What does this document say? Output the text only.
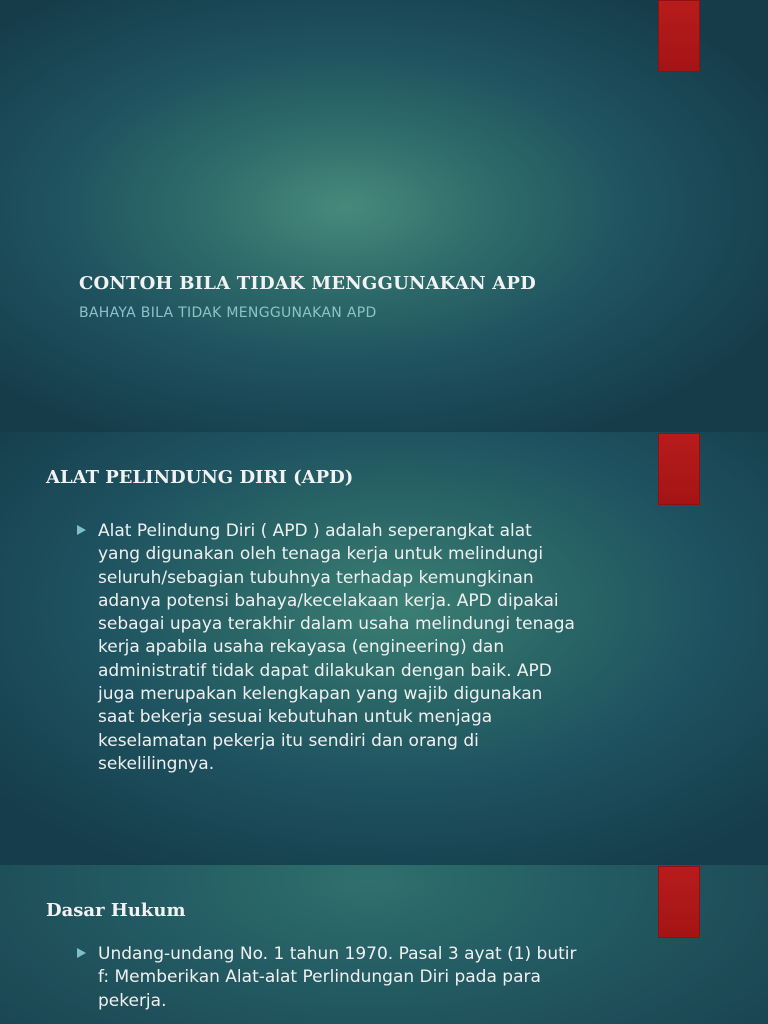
CONTOH BILA TIDAK MENGGUNAKAN APD

BAHAYA BILA TIDAK MENGGUNAKAN APD

ALAT PELINDUNG DIRI (APD)
Alat Pelindung Diri ( APD ) adalah seperangkat alat
yang digunakan oleh tenaga kerja untuk melindungi
seluruh/sebagian tubuhnya terhadap kemungkinan
adanya potensi bahaya/kecelakaan kerja. APD dipakai
sebagai upaya terakhir dalam usaha melindungi tenaga
kerja apabila usaha rekayasa (engineering) dan
administratif tidak dapat dilakukan dengan baik. APD
juga merupakan kelengkapan yang wajib digunakan
saat bekerja sesuai kebutuhan untuk menjaga
keselamatan pekerja itu sendiri dan orang di
sekelilingnya.
Dasar Hukum
Undang-undang No. 1 tahun 1970. Pasal 3 ayat (1) butir
f: Memberikan Alat-alat Perlindungan Diri pada para
pekerja.
